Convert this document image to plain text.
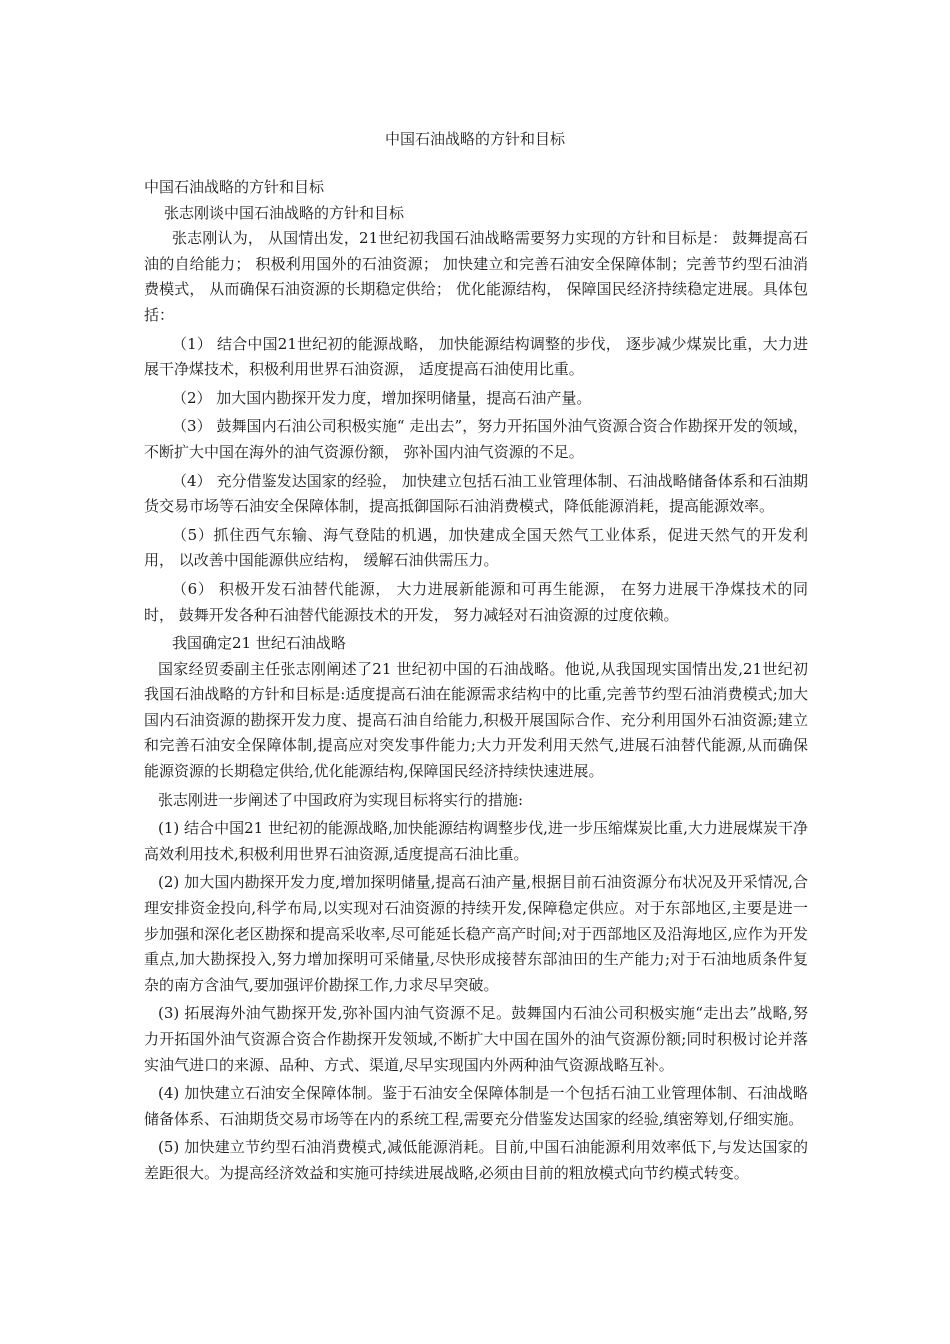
中国石油战略的方针和目标

中国石油战略的方针和目标

张志刚谈中国石油战略的方针和目标

张志刚认为， 从国情出发，21世纪初我国石油战略需要努力实现的方针和目标是： 鼓舞提高石油的自给能力； 积极利用国外的石油资源； 加快建立和完善石油安全保障体制；完善节约型石油消费模式， 从而确保石油资源的长期稳定供给； 优化能源结构， 保障国民经济持续稳定进展。具体包括：

（1） 结合中国21世纪初的能源战略， 加快能源结构调整的步伐， 逐步减少煤炭比重，大力进展干净煤技术，积极利用世界石油资源， 适度提高石油使用比重。

（2） 加大国内勘探开发力度，增加探明储量，提高石油产量。

（3） 鼓舞国内石油公司积极实施“ 走出去”，努力开拓国外油气资源合资合作勘探开发的领域，不断扩大中国在海外的油气资源份额， 弥补国内油气资源的不足。

（4） 充分借鉴发达国家的经验， 加快建立包括石油工业管理体制、石油战略储备体系和石油期货交易市场等石油安全保障体制，提高抵御国际石油消费模式，降低能源消耗，提高能源效率。

（5）抓住西气东输、海气登陆的机遇，加快建成全国天然气工业体系，促进天然气的开发利用， 以改善中国能源供应结构， 缓解石油供需压力。

（6） 积极开发石油替代能源， 大力进展新能源和可再生能源， 在努力进展干净煤技术的同时， 鼓舞开发各种石油替代能源技术的开发， 努力减轻对石油资源的过度依赖。

我国确定21 世纪石油战略

国家经贸委副主任张志刚阐述了21 世纪初中国的石油战略。他说,从我国现实国情出发,21世纪初我国石油战略的方针和目标是:适度提高石油在能源需求结构中的比重,完善节约型石油消费模式;加大国内石油资源的勘探开发力度、提高石油自给能力,积极开展国际合作、充分利用国外石油资源;建立和完善石油安全保障体制,提高应对突发事件能力;大力开发利用天然气,进展石油替代能源,从而确保能源资源的长期稳定供给,优化能源结构,保障国民经济持续快速进展。

张志刚进一步阐述了中国政府为实现目标将实行的措施:

(1) 结合中国21 世纪初的能源战略,加快能源结构调整步伐,进一步压缩煤炭比重,大力进展煤炭干净高效利用技术,积极利用世界石油资源,适度提高石油比重。

(2) 加大国内勘探开发力度,增加探明储量,提高石油产量,根据目前石油资源分布状况及开采情况,合理安排资金投向,科学布局,以实现对石油资源的持续开发,保障稳定供应。对于东部地区,主要是进一步加强和深化老区勘探和提高采收率,尽可能延长稳产高产时间;对于西部地区及沿海地区,应作为开发重点,加大勘探投入,努力增加探明可采储量,尽快形成接替东部油田的生产能力;对于石油地质条件复杂的南方含油气,要加强评价勘探工作,力求尽早突破。

(3) 拓展海外油气勘探开发,弥补国内油气资源不足。鼓舞国内石油公司积极实施“走出去”战略,努力开拓国外油气资源合资合作勘探开发领域,不断扩大中国在国外的油气资源份额;同时积极讨论并落实油气进口的来源、品种、方式、渠道,尽早实现国内外两种油气资源战略互补。

(4) 加快建立石油安全保障体制。鉴于石油安全保障体制是一个包括石油工业管理体制、石油战略储备体系、石油期货交易市场等在内的系统工程,需要充分借鉴发达国家的经验,缜密筹划,仔细实施。

(5) 加快建立节约型石油消费模式,减低能源消耗。目前,中国石油能源利用效率低下,与发达国家的差距很大。为提高经济效益和实施可持续进展战略,必须由目前的粗放模式向节约模式转变。
